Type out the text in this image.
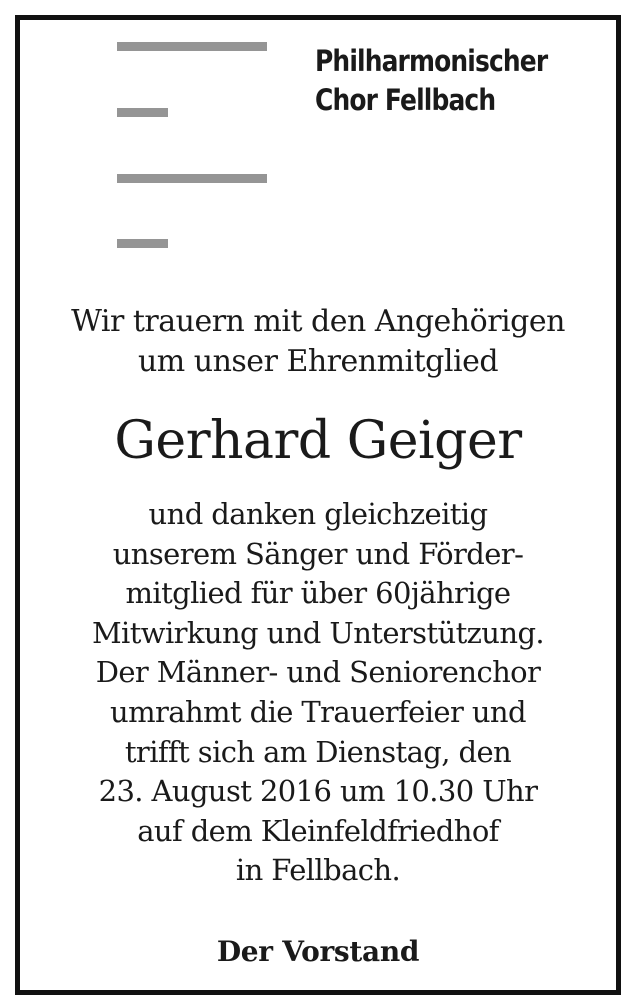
Philharmonischer
Chor Fellbach
Wir trauern mit den Angehörigen
um unser Ehrenmitglied
Gerhard Geiger
und danken gleichzeitig
unserem Sänger und Förder-
mitglied für über 60jährige
Mitwirkung und Unterstützung.
Der Männer- und Seniorenchor
umrahmt die Trauerfeier und
trifft sich am Dienstag, den
23. August 2016 um 10.30 Uhr
auf dem Kleinfeldfriedhof
in Fellbach.
Der Vorstand
